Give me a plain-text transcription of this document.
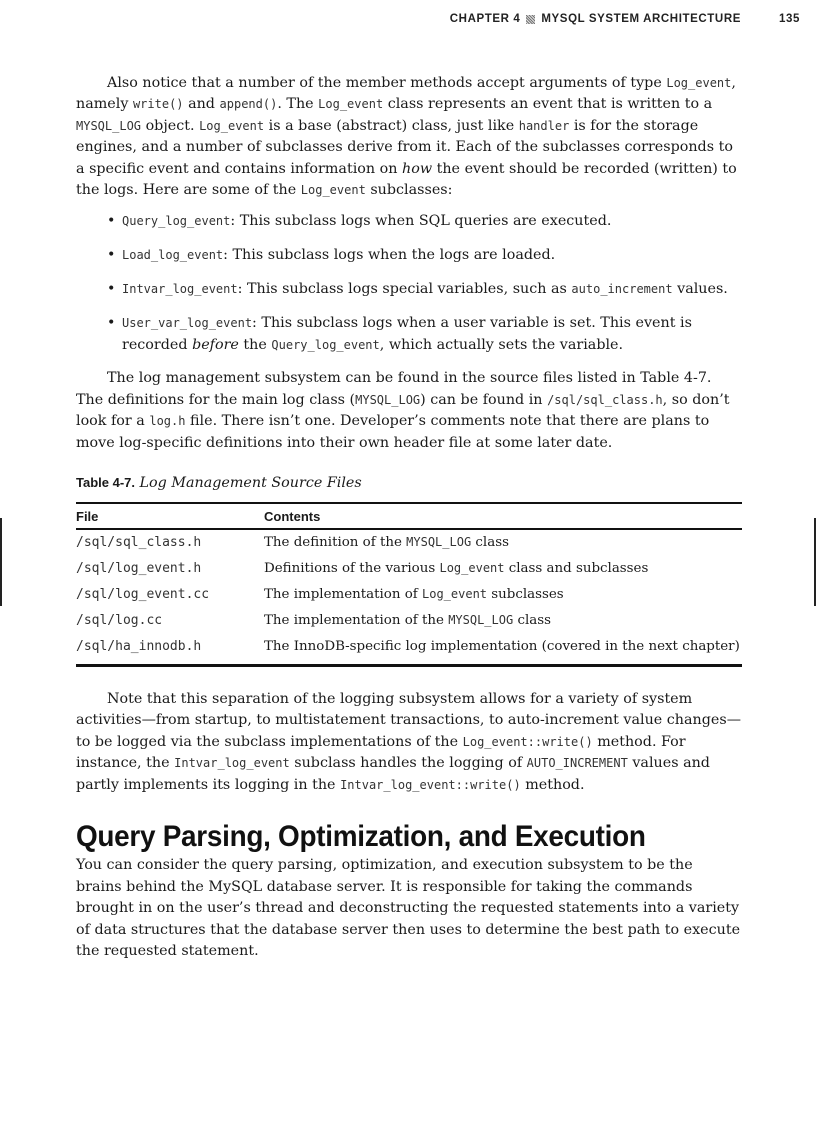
CHAPTER 4 MYSQL SYSTEM ARCHITECTURE	135

Also notice that a number of the member methods accept arguments of type Log_event, namely write() and append(). The Log_event class represents an event that is written to a MYSQL_LOG object. Log_event is a base (abstract) class, just like handler is for the storage engines, and a number of subclasses derive from it. Each of the subclasses corresponds to a specific event and contains information on how the event should be recorded (written) to the logs. Here are some of the Log_event subclasses:

• Query_log_event: This subclass logs when SQL queries are executed.
• Load_log_event: This subclass logs when the logs are loaded.
• Intvar_log_event: This subclass logs special variables, such as auto_increment values.
• User_var_log_event: This subclass logs when a user variable is set. This event is recorded before the Query_log_event, which actually sets the variable.

The log management subsystem can be found in the source files listed in Table 4-7. The definitions for the main log class (MYSQL_LOG) can be found in /sql/sql_class.h, so don’t look for a log.h file. There isn’t one. Developer’s comments note that there are plans to move log-specific definitions into their own header file at some later date.

Table 4-7. Log Management Source Files

File	Contents
/sql/sql_class.h	The definition of the MYSQL_LOG class
/sql/log_event.h	Definitions of the various Log_event class and subclasses
/sql/log_event.cc	The implementation of Log_event subclasses
/sql/log.cc	The implementation of the MYSQL_LOG class
/sql/ha_innodb.h	The InnoDB-specific log implementation (covered in the next chapter)

Note that this separation of the logging subsystem allows for a variety of system activities—from startup, to multistatement transactions, to auto-increment value changes—to be logged via the subclass implementations of the Log_event::write() method. For instance, the Intvar_log_event subclass handles the logging of AUTO_INCREMENT values and partly implements its logging in the Intvar_log_event::write() method.

Query Parsing, Optimization, and Execution

You can consider the query parsing, optimization, and execution subsystem to be the brains behind the MySQL database server. It is responsible for taking the commands brought in on the user’s thread and deconstructing the requested statements into a variety of data structures that the database server then uses to determine the best path to execute the requested statement.
